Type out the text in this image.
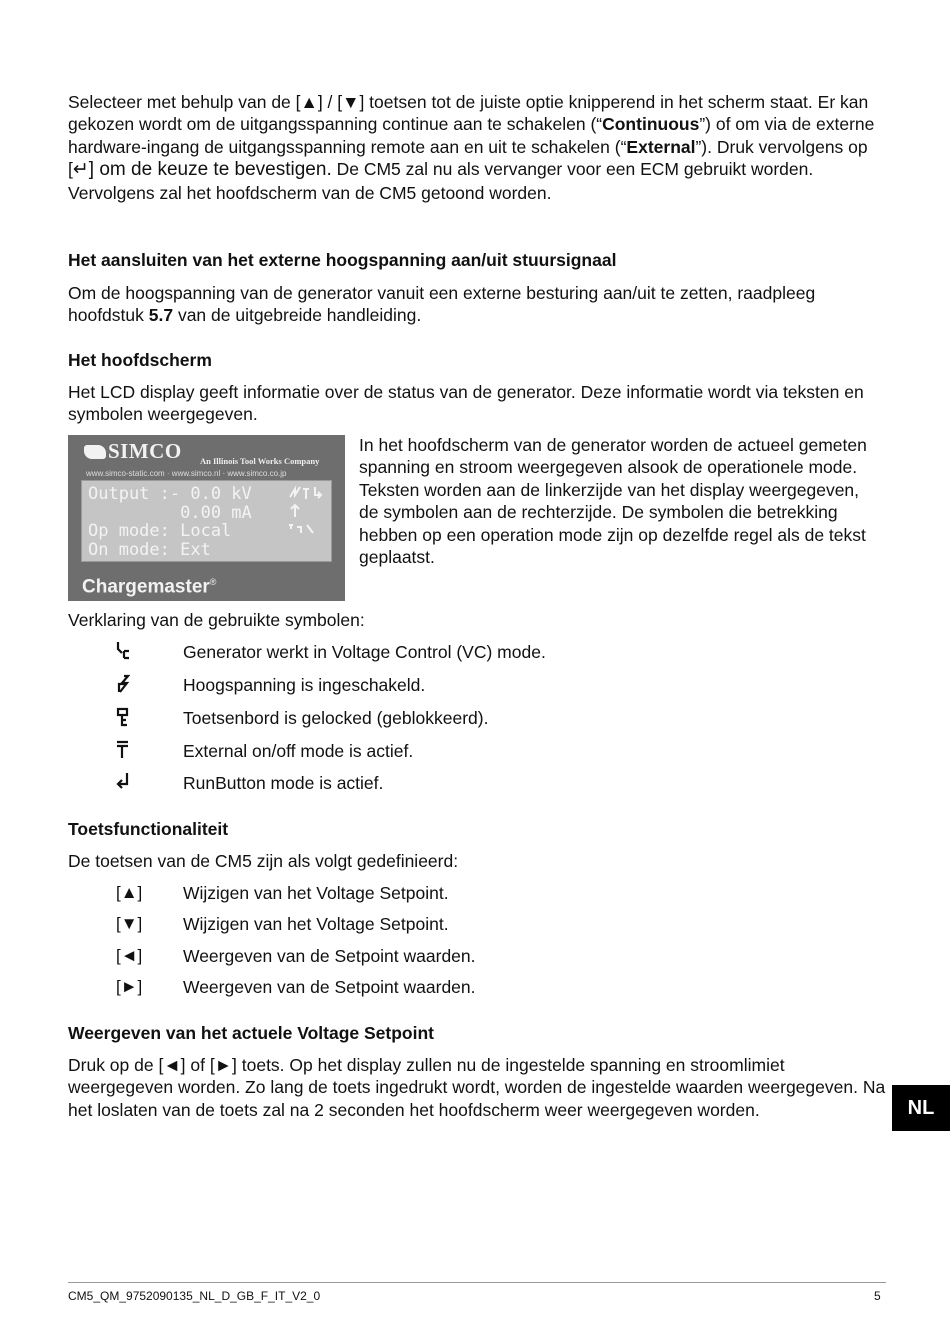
Selecteer met behulp van de [▲] / [▼] toetsen tot de juiste optie knipperend in het scherm staat. Er kan gekozen wordt om de uitgangsspanning continue aan te schakelen (“Continuous”) of om via de externe hardware-ingang de uitgangsspanning remote aan en uit te schakelen (“External”). Druk vervolgens op [↵] om de keuze te bevestigen. De CM5 zal nu als vervanger voor een ECM gebruikt worden. Vervolgens zal het hoofdscherm van de CM5 getoond worden.

Het aansluiten van het externe hoogspanning aan/uit stuursignaal

Om de hoogspanning van de generator vanuit een externe besturing aan/uit te zetten, raadpleeg hoofdstuk 5.7 van de uitgebreide handleiding.

Het hoofdscherm

Het LCD display geeft informatie over de status van de generator. Deze informatie wordt via teksten en symbolen weergegeven.

SIMCO An Illinois Tool Works Company
www.simco-static.com · www.simco.nl · www.simco.co.jp
Output :- 0.0 kV
0.00 mA
Op mode: Local
On mode: Ext

Chargemaster®

In het hoofdscherm van de generator worden de actueel gemeten spanning en stroom weergegeven alsook de operationele mode. Teksten worden aan de linkerzijde van het display weergegeven, de symbolen aan de rechterzijde. De symbolen die betrekking hebben op een operation mode zijn op dezelfde regel als de tekst geplaatst.

Verklaring van de gebruikte symbolen:

Generator werkt in Voltage Control (VC) mode.
Hoogspanning is ingeschakeld.
Toetsenbord is gelocked (geblokkeerd).
External on/off mode is actief.
RunButton mode is actief.
Toetsfunctionaliteit

De toetsen van de CM5 zijn als volgt gedefinieerd:

[▲] Wijzigen van het Voltage Setpoint.
[▼] Wijzigen van het Voltage Setpoint.
[◄] Weergeven van de Setpoint waarden.
[►] Weergeven van de Setpoint waarden.
Weergeven van het actuele Voltage Setpoint

Druk op de [◄] of [►] toets. Op het display zullen nu de ingestelde spanning en stroomlimiet weergegeven worden. Zo lang de toets ingedrukt wordt, worden de ingestelde waarden weergegeven. Na het loslaten van de toets zal na 2 seconden het hoofdscherm weer weergegeven worden.	NL
CM5_QM_9752090135_NL_D_GB_F_IT_V2_0	5
